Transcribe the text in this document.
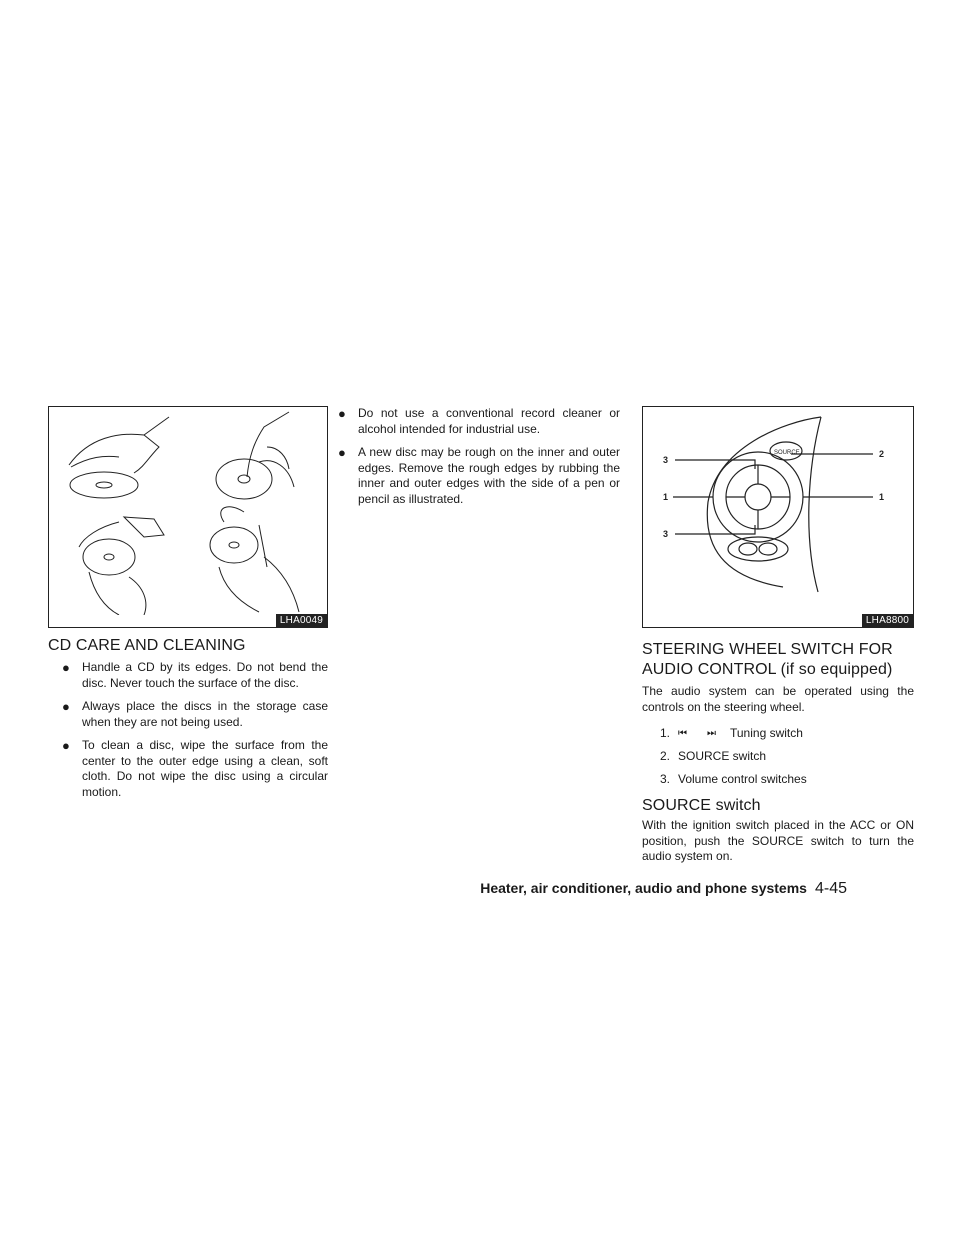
LHA0049
CD CARE AND CLEANING
● Handle a CD by its edges. Do not bend the disc. Never touch the surface of the disc.
● Always place the discs in the storage case when they are not being used.
● To clean a disc, wipe the surface from the center to the outer edge using a clean, soft cloth. Do not wipe the disc using a circular motion.
● Do not use a conventional record cleaner or alcohol intended for industrial use.
● A new disc may be rough on the inner and outer edges. Remove the rough edges by rubbing the inner and outer edges with the side of a pen or pencil as illustrated.
SOURCE
3
1
3
2
1
LHA8800
STEERING WHEEL SWITCH FOR
AUDIO CONTROL (if so equipped)

The audio system can be operated using the controls on the steering wheel.

1. ⏮ ⏭ Tuning switch
2. SOURCE switch
3. Volume control switches
SOURCE switch

With the ignition switch placed in the ACC or ON position, push the SOURCE switch to turn the audio system on.

Heater, air conditioner, audio and phone systems 4-45
